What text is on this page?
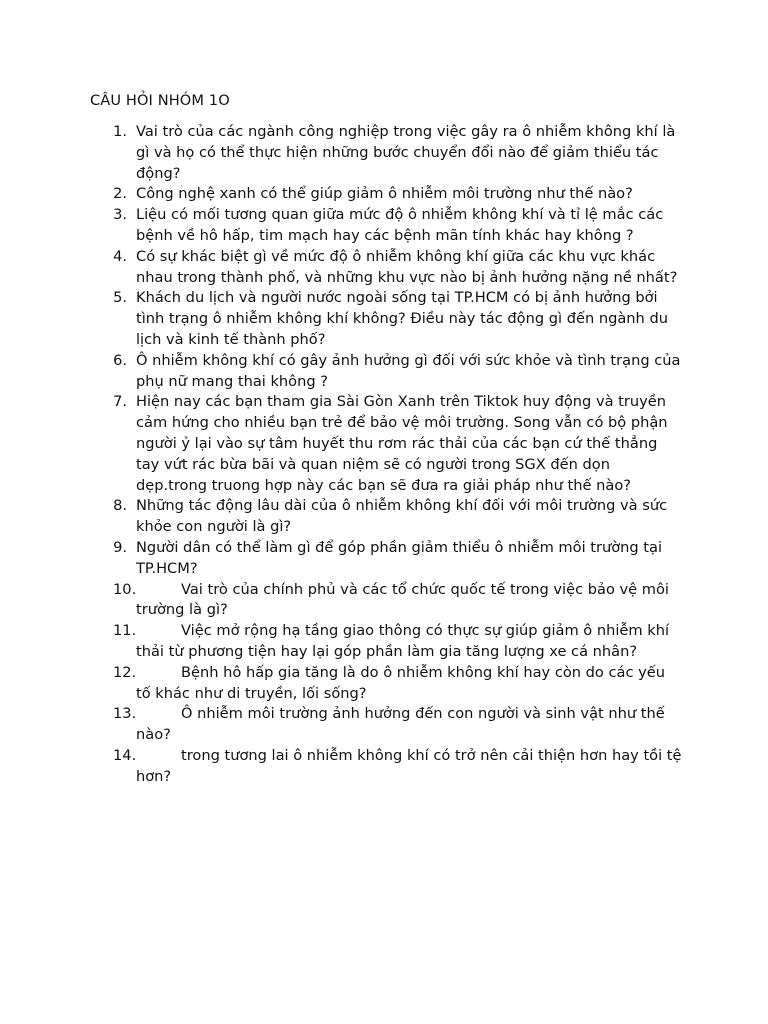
CÂU HỎI NHÓM 1O
1. Vai trò của các ngành công nghiệp trong việc gây ra ô nhiễm không khí là gì và họ có thể thực hiện những bước chuyển đổi nào để giảm thiểu tác động?
2. Công nghệ xanh có thể giúp giảm ô nhiễm môi trường như thế nào?
3. Liệu có mối tương quan giữa mức độ ô nhiễm không khí và tỉ lệ mắc các bệnh về hô hấp, tim mạch hay các bệnh mãn tính khác hay không ?
4. Có sự khác biệt gì về mức độ ô nhiễm không khí giữa các khu vực khác nhau trong thành phố, và những khu vực nào bị ảnh hưởng nặng nề nhất?
5. Khách du lịch và người nước ngoài sống tại TP.HCM có bị ảnh hưởng bởi tình trạng ô nhiễm không khí không? Điều này tác động gì đến ngành du lịch và kinh tế thành phố?
6. Ô nhiễm không khí có gây ảnh hưởng gì đối với sức khỏe và tình trạng của phụ nữ mang thai không ?
7. Hiện nay các bạn tham gia Sài Gòn Xanh trên Tiktok huy động và truyền cảm hứng cho nhiều bạn trẻ để bảo vệ môi trường. Song vẫn có bộ phận người ỷ lại vào sự tâm huyết thu rơm rác thải của các bạn cứ thế thẳng tay vứt rác bừa bãi và quan niệm sẽ có người trong SGX đến dọn dẹp.trong truong hợp này các bạn sẽ đưa ra giải pháp như thế nào?
8. Những tác động lâu dài của ô nhiễm không khí đối với môi trường và sức khỏe con người là gì?
9. Người dân có thể làm gì để góp phần giảm thiểu ô nhiễm môi trường tại TP.HCM?
10.	Vai trò của chính phủ và các tổ chức quốc tế trong việc bảo vệ môi trường là gì?
11.	Việc mở rộng hạ tầng giao thông có thực sự giúp giảm ô nhiễm khí thải từ phương tiện hay lại góp phần làm gia tăng lượng xe cá nhân?
12.	Bệnh hô hấp gia tăng là do ô nhiễm không khí hay còn do các yếu tố khác như di truyền, lối sống?
13.	Ô nhiễm môi trường ảnh hưởng đến con người và sinh vật như thế nào?
14.	trong tương lai ô nhiễm không khí có trở nên cải thiện hơn hay tồi tệ hơn?
